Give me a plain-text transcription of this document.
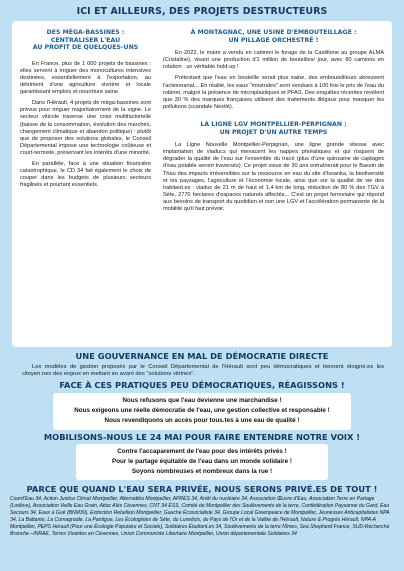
ICI ET AILLEURS, DES PROJETS DESTRUCTEURS
DES MÉGA-BASSINES :
CENTRALISER L'EAU
AU PROFIT DE QUELQUES-UNS

En France, plus de 1 000 projets de bassines : elles servent à irriguer des monocultures intensives destinées, essentiellement à l'exportation, au détriment d'une agriculture vivrière et locale garantissant emplois et nourriture saine.

Dans l'Hérault, 4 projets de méga-bassines sont prévus pour irriguer majoritairement de la vigne. Le secteur viticole traverse une crise multifactorielle (baisse de la consommation, évolution des marchés, changement climatique et abandon politique) : plutôt que de proposer des solutions globales, le Conseil Départemental impose une technologie coûteuse et court-termiste, préservant les intérêts d'une minorité.

En parallèle, face à une situation financière catastrophique, le CD 34 fait également le choix de couper dans les budgets de plusieurs secteurs fragilisés et pourtant essentiels.

À MONTAGNAC, UNE USINE D'EMBOUTEILLAGE :
UN PILLAGE ORCHESTRÉ !

En 2022, le maire a vendu en catimini le forage de la Castillone au groupe ALMA (Cristaline), visant une production d'1 million de bouteilles/ jour, avec 80 camions en rotation : un véritable hold-up !

Prétextant que l'eau en bouteille serait plus saine, des embouteilleurs abreuvent l'actionnariat... En réalité, les eaux "minérales" sont vendues à 100 fois le prix de l'eau du robinet, malgré la présence de microplastiques et PFAS. Des enquêtes récentes révèlent que 30 % des marques françaises utilisent des traitements illégaux pour masquer les pollutions (scandale Nestlé).

LA LIGNE LGV MONTPELLIER-PERPIGNAN :
UN PROJET D'UN AUTRE TEMPS

La Ligne Nouvelle Montpellier-Perpignan, une ligne grande vitesse avec implantation de viaducs qui menacent les nappes phréatiques et qui risquent de dégrader la qualité de l'eau sur l'ensemble du tracé (plus d'une quinzaine de captages d'eau potable seront traversés). Ce projet vieux de 30 ans entraînerait pour le Bassin de Thau des impacts irréversibles sur la ressource en eau du site d'Issanka, la biodiversité et les paysages, l'agriculture et l'économie locale, ainsi que sur la qualité de vie des habitant.es : viaduc de 21 m de haut et 1,4 km de long, réduction de 80 % des TGV à Sète, 2770 hectares d'espaces naturels affectés... C'est un projet ferroviaire qui répond aux besoins de transport du quotidien et non une LGV et l'accélération permanente de la mobilité qu'il faut prévoir.

UNE GOUVERNANCE EN MAL DE DÉMOCRATIE DIRECTE
Les modèles de gestion proposés par le Conseil Départemental de l'Hérault sont peu démocratiques et tiennent éloigné.es les citoyen.nes des enjeux en mettant en avant des "solutions vitrines".
FACE À CES PRATIQUES PEU DÉMOCRATIQUES, RÉAGISSONS !
Nous refusons que l'eau devienne une marchandise !
Nous exigeons une réelle démocratie de l'eau, une gestion collective et responsable !
Nous revendiquons un accès pour tous.tes à une eau de qualité !
MOBILISONS-NOUS LE 24 MAI POUR FAIRE ENTENDRE NOTRE VOIX !
Contre l'accaparement de l'eau pour des intérêts privés !
Pour le partage équitable de l'eau dans un monde solidaire !
Soyons nombreuses et nombreux dans la rue !
PARCE QUE QUAND L'EAU SERA PRIVÉE, NOUS SERONS PRIVÉ.ES DE TOUT !
Coord'Eau 34, Action Justice Climat Montpellier, Alternatiba Montpellier, APRÈS 34, Arrêt du nucléaire 34, Association Œuvre d'Eau, Association Terre en Partage (Lodève), Association Veille Eau Grain, Attac Alès Cévennes, CNT 34 ESS, Comité de Montpellier des Soulèvements de la terre, Confédération Paysanne du Gard, Eau Secours 34, Eaux à Gué (BNM30), Extinction Rebellion Montpellier, Gauche Écosocialiste 34, Groupe Local Greenpeace de Montpellier, Jeunesses Anticapitalistes NPA 34, La Battante, La Cornagnade, La Pantigue, Les Écologistes de Sète, du Lunellois, du Pays de l'Or et de la Vallée de l'Hérault, Nature & Progrès Hérault, NPA-A Montpellier, PEPS Hérault (Pour une Écologie Populaire et Sociale), Solidaires Étudiant.es 34, Soulèvements de la terre Nîmes, Sea Shepherd France, SUD-Recherche Branche –INRAE, Terres Vivantes en Cévennes, Union Communiste Libertaire Montpellier, Union départementale Solidaires 34
